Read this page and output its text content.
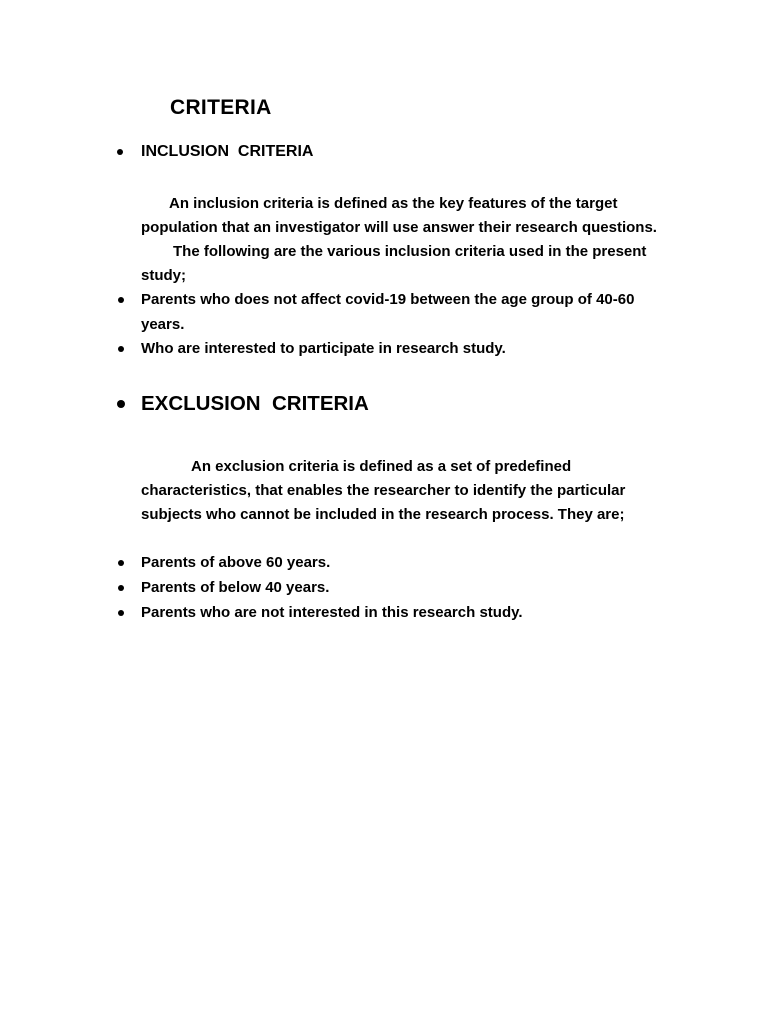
CRITERIA
INCLUSION  CRITERIA
An inclusion criteria is defined as the key features of the target
population that an investigator will use answer their research questions.
The following are the various inclusion criteria used in the present
study;
Parents who does not affect covid-19 between the age group of 40-60
years.
Who are interested to participate in research study.
EXCLUSION  CRITERIA
An exclusion criteria is defined as a set of predefined
characteristics, that enables the researcher to identify the particular
subjects who cannot be included in the research process. They are;
Parents of above 60 years.
Parents of below 40 years.
Parents who are not interested in this research study.
